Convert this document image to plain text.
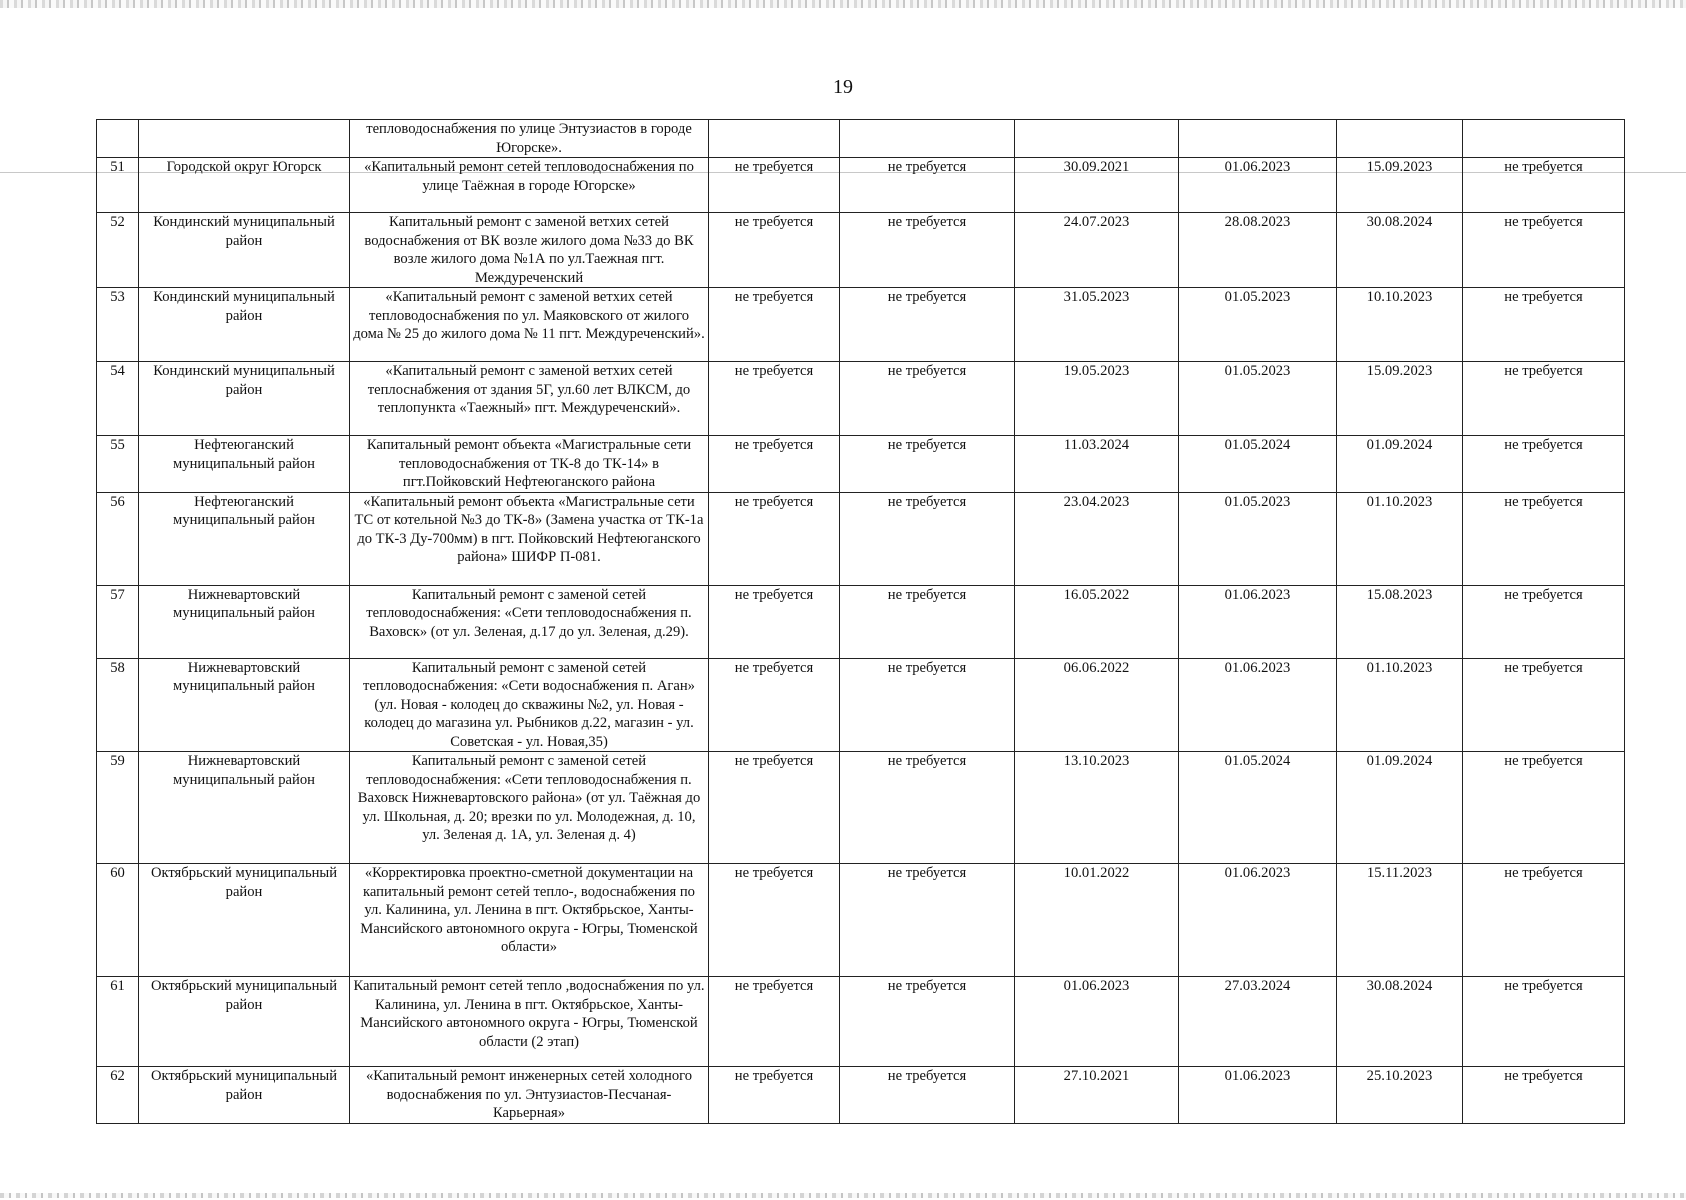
19
		тепловодоснабжения по улице Энтузиастов в городе Югорске».						
51	Городской округ Югорск	«Капитальный ремонт сетей тепловодоснабжения по улице Таёжная в городе Югорске»	не требуется	не требуется	30.09.2021	01.06.2023	15.09.2023	не требуется
52	Кондинский муниципальный район	Капитальный ремонт с заменой ветхих сетей водоснабжения от ВК возле жилого дома №33 до ВК возле жилого дома №1А по ул.Таежная пгт. Междуреченский	не требуется	не требуется	24.07.2023	28.08.2023	30.08.2024	не требуется
53	Кондинский муниципальный район	«Капитальный ремонт с заменой ветхих сетей тепловодоснабжения по ул. Маяковского от жилого дома № 25 до жилого дома № 11 пгт. Междуреченский».	не требуется	не требуется	31.05.2023	01.05.2023	10.10.2023	не требуется
54	Кондинский муниципальный район	«Капитальный ремонт с заменой ветхих сетей теплоснабжения от здания 5Г, ул.60 лет ВЛКСМ, до теплопункта «Таежный» пгт. Междуреченский».	не требуется	не требуется	19.05.2023	01.05.2023	15.09.2023	не требуется
55	Нефтеюганский муниципальный район	Капитальный ремонт объекта «Магистральные сети тепловодоснабжения от ТК-8 до ТК-14» в пгт.Пойковский Нефтеюганского района	не требуется	не требуется	11.03.2024	01.05.2024	01.09.2024	не требуется
56	Нефтеюганский муниципальный район	«Капитальный ремонт объекта «Магистральные сети ТС от котельной №3 до ТК-8» (Замена участка от ТК-1а до ТК-3 Ду-700мм) в пгт. Пойковский Нефтеюганского района» ШИФР П-081.	не требуется	не требуется	23.04.2023	01.05.2023	01.10.2023	не требуется
57	Нижневартовский муниципальный район	Капитальный ремонт с заменой сетей тепловодоснабжения: «Сети тепловодоснабжения п. Ваховск» (от ул. Зеленая, д.17 до ул. Зеленая, д.29).	не требуется	не требуется	16.05.2022	01.06.2023	15.08.2023	не требуется
58	Нижневартовский муниципальный район	Капитальный ремонт с заменой сетей тепловодоснабжения: «Сети водоснабжения п. Аган» (ул. Новая - колодец до скважины №2, ул. Новая - колодец до магазина ул. Рыбников д.22, магазин - ул. Советская - ул. Новая,35)	не требуется	не требуется	06.06.2022	01.06.2023	01.10.2023	не требуется
59	Нижневартовский муниципальный район	Капитальный ремонт с заменой сетей тепловодоснабжения: «Сети тепловодоснабжения п. Ваховск Нижневартовского района» (от ул. Таёжная до ул. Школьная, д. 20; врезки по ул. Молодежная, д. 10, ул. Зеленая д. 1А, ул. Зеленая д. 4)	не требуется	не требуется	13.10.2023	01.05.2024	01.09.2024	не требуется
60	Октябрьский муниципальный район	«Корректировка проектно-сметной документации на капитальный ремонт сетей тепло-, водоснабжения по ул. Калинина, ул. Ленина в пгт. Октябрьское, Ханты-Мансийского автономного округа - Югры, Тюменской области»	не требуется	не требуется	10.01.2022	01.06.2023	15.11.2023	не требуется
61	Октябрьский муниципальный район	Капитальный ремонт сетей тепло ,водоснабжения по ул. Калинина, ул. Ленина в пгт. Октябрьское, Ханты-Мансийского автономного округа - Югры, Тюменской области (2 этап)	не требуется	не требуется	01.06.2023	27.03.2024	30.08.2024	не требуется
62	Октябрьский муниципальный район	«Капитальный ремонт инженерных сетей холодного водоснабжения по ул. Энтузиастов-Песчаная-Карьерная»	не требуется	не требуется	27.10.2021	01.06.2023	25.10.2023	не требуется
